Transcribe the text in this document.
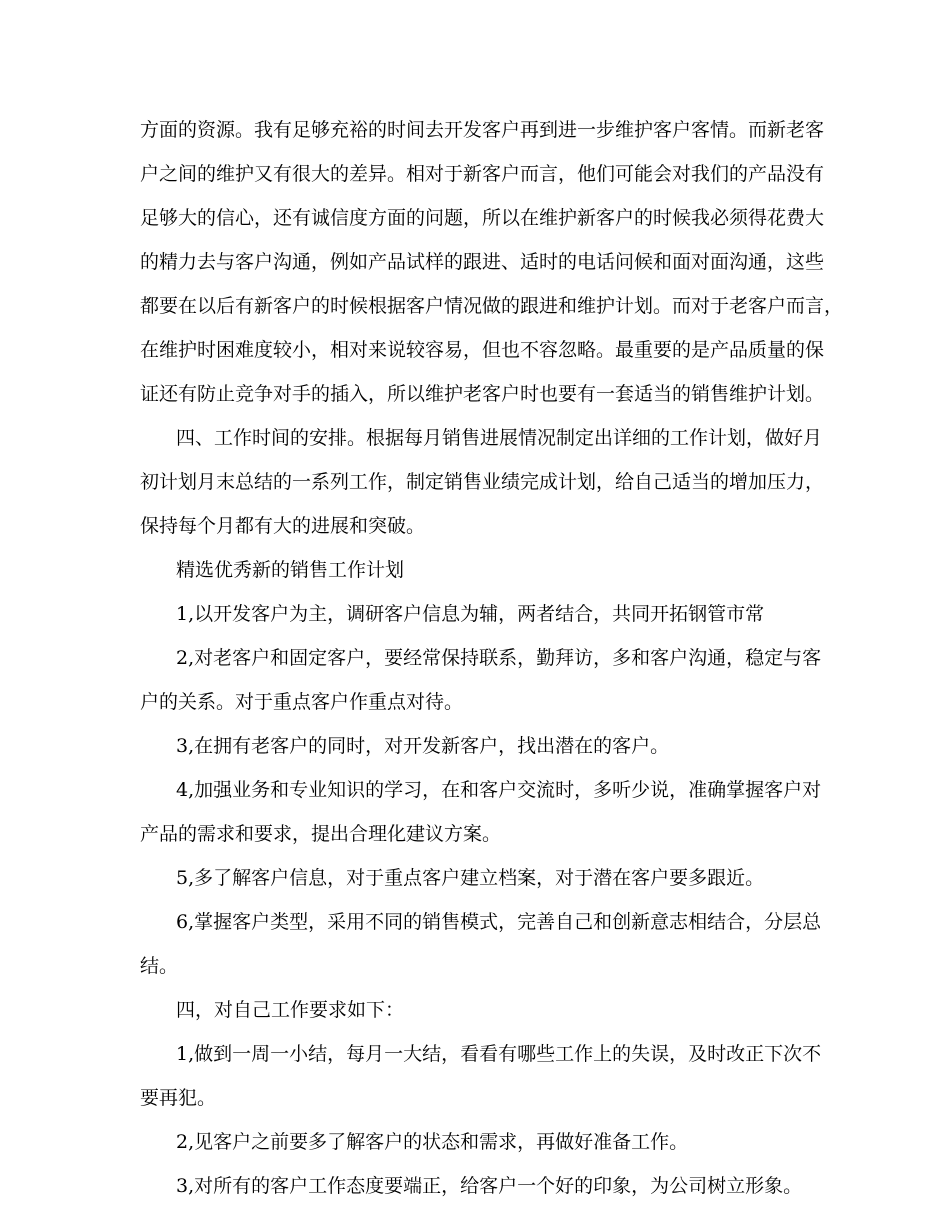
方面的资源。我有足够充裕的时间去开发客户再到进一步维护客户客情。而新老客
户之间的维护又有很大的差异。相对于新客户而言，他们可能会对我们的产品没有
足够大的信心，还有诚信度方面的问题，所以在维护新客户的时候我必须得花费大
的精力去与客户沟通，例如产品试样的跟进、适时的电话问候和面对面沟通，这些
都要在以后有新客户的时候根据客户情况做的跟进和维护计划。而对于老客户而言，
在维护时困难度较小，相对来说较容易，但也不容忽略。最重要的是产品质量的保
证还有防止竞争对手的插入，所以维护老客户时也要有一套适当的销售维护计划。
四、工作时间的安排。根据每月销售进展情况制定出详细的工作计划，做好月
初计划月末总结的一系列工作，制定销售业绩完成计划，给自己适当的增加压力，
保持每个月都有大的进展和突破。
精选优秀新的销售工作计划
1,以开发客户为主，调研客户信息为辅，两者结合，共同开拓钢管市常
2,对老客户和固定客户，要经常保持联系，勤拜访，多和客户沟通，稳定与客
户的关系。对于重点客户作重点对待。
3,在拥有老客户的同时，对开发新客户，找出潜在的客户。
4,加强业务和专业知识的学习，在和客户交流时，多听少说，准确掌握客户对
产品的需求和要求，提出合理化建议方案。
5,多了解客户信息，对于重点客户建立档案，对于潜在客户要多跟近。
6,掌握客户类型，采用不同的销售模式，完善自己和创新意志相结合，分层总
结。
四，对自己工作要求如下：
1,做到一周一小结，每月一大结，看看有哪些工作上的失误，及时改正下次不
要再犯。
2,见客户之前要多了解客户的状态和需求，再做好准备工作。
3,对所有的客户工作态度要端正，给客户一个好的印象，为公司树立形象。
